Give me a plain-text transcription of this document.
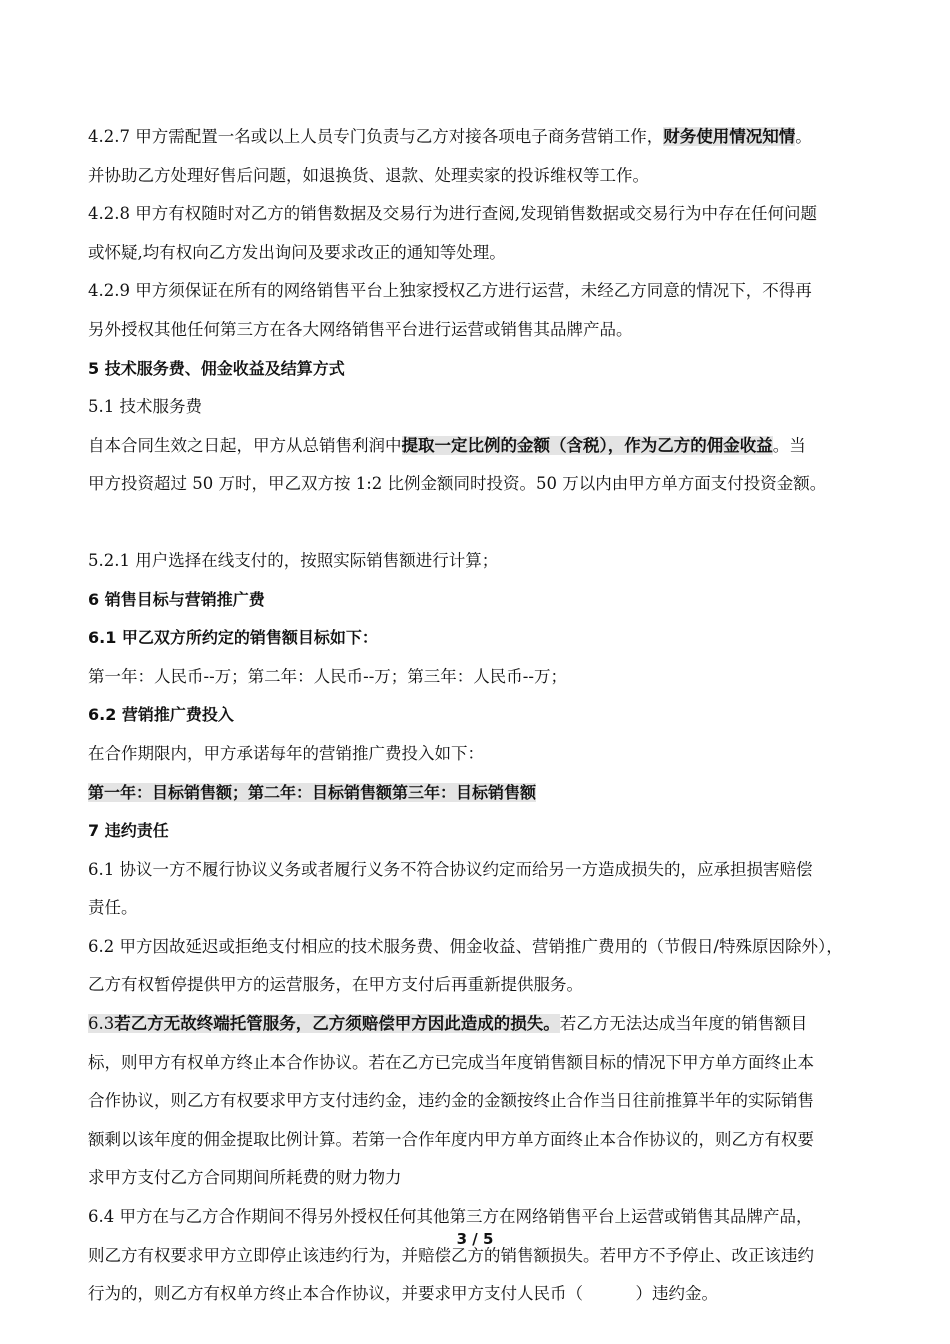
4.2.7 甲方需配置一名或以上人员专门负责与乙方对接各项电子商务营销工作，财务使用情况知情。

并协助乙方处理好售后问题，如退换货、退款、处理卖家的投诉维权等工作。

4.2.8 甲方有权随时对乙方的销售数据及交易行为进行查阅,发现销售数据或交易行为中存在任何问题

或怀疑,均有权向乙方发出询问及要求改正的通知等处理。

4.2.9 甲方须保证在所有的网络销售平台上独家授权乙方进行运营，未经乙方同意的情况下，不得再

另外授权其他任何第三方在各大网络销售平台进行运营或销售其品牌产品。

5 技术服务费、佣金收益及结算方式

5.1 技术服务费

自本合同生效之日起，甲方从总销售利润中提取一定比例的金额（含税），作为乙方的佣金收益。当

甲方投资超过 50 万时，甲乙双方按 1:2 比例金额同时投资。50 万以内由甲方单方面支付投资金额。

5.2.1 用户选择在线支付的，按照实际销售额进行计算；

6 销售目标与营销推广费

6.1 甲乙双方所约定的销售额目标如下：

第一年：人民币--万；第二年：人民币--万；第三年：人民币--万；

6.2 营销推广费投入

在合作期限内，甲方承诺每年的营销推广费投入如下：

第一年：目标销售额；第二年：目标销售额第三年：目标销售额

7 违约责任

6.1 协议一方不履行协议义务或者履行义务不符合协议约定而给另一方造成损失的，应承担损害赔偿

责任。

6.2 甲方因故延迟或拒绝支付相应的技术服务费、佣金收益、营销推广费用的（节假日/特殊原因除外），

乙方有权暂停提供甲方的运营服务，在甲方支付后再重新提供服务。

6.3若乙方无故终端托管服务，乙方须赔偿甲方因此造成的损失。若乙方无法达成当年度的销售额目

标，则甲方有权单方终止本合作协议。若在乙方已完成当年度销售额目标的情况下甲方单方面终止本

合作协议，则乙方有权要求甲方支付违约金，违约金的金额按终止合作当日往前推算半年的实际销售

额剩以该年度的佣金提取比例计算。若第一合作年度内甲方单方面终止本合作协议的，则乙方有权要

求甲方支付乙方合同期间所耗费的财力物力

6.4 甲方在与乙方合作期间不得另外授权任何其他第三方在网络销售平台上运营或销售其品牌产品，

则乙方有权要求甲方立即停止该违约行为，并赔偿乙方的销售额损失。若甲方不予停止、改正该违约

行为的，则乙方有权单方终止本合作协议，并要求甲方支付人民币（          ）违约金。

3 / 5
